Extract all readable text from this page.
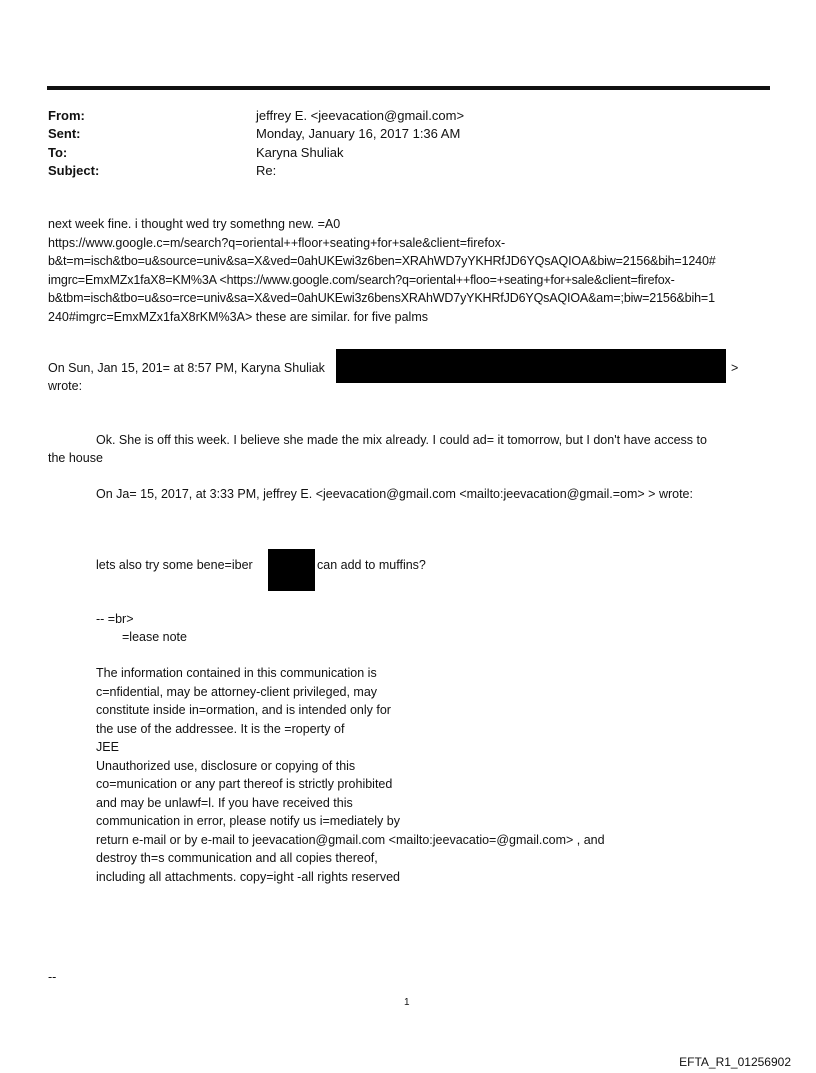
From:	jeffrey E. <jeevacation@gmail.com>
Sent:	Monday, January 16, 2017 1:36 AM
To:	Karyna Shuliak
Subject:	Re:
next week fine. i thought wed try somethng new. =A0
https://www.google.c=m/search?q=oriental++floor+seating+for+sale&client=firefox-
b&t=m=isch&tbo=u&source=univ&sa=X&ved=0ahUKEwi3z6ben=XRAhWD7yYKHRfJD6YQsAQIOA&biw=2156&bih=1240#
imgrc=EmxMZx1faX8=KM%3A <https://www.google.com/search?q=oriental++floo=+seating+for+sale&client=firefox-
b&tbm=isch&tbo=u&so=rce=univ&sa=X&ved=0ahUKEwi3z6bensXRAhWD7yYKHRfJD6YQsAQIOA&am=;biw=2156&bih=1
240#imgrc=EmxMZx1faX8rKM%3A> these are similar. for five palms
On Sun, Jan 15, 201= at 8:57 PM, Karyna Shuliak	>
wrote:
Ok. She is off this week. I believe she made the mix already. I could ad= it tomorrow, but I don't have access to
the house
On Ja= 15, 2017, at 3:33 PM, jeffrey E. <jeevacation@gmail.com <mailto:jeevacation@gmail.=om> > wrote:
lets also try some bene=iber	can add to muffins?
-- =br>
=lease note
The information contained in this communication is
c=nfidential, may be attorney-client privileged, may
constitute inside in=ormation, and is intended only for
the use of the addressee. It is the =roperty of
JEE
Unauthorized use, disclosure or copying of this
co=munication or any part thereof is strictly prohibited
and may be unlawf=l. If you have received this
communication in error, please notify us i=mediately by
return e-mail or by e-mail to jeevacation@gmail.com <mailto:jeevacatio=@gmail.com> , and
destroy th=s communication and all copies thereof,
including all attachments. copy=ight -all rights reserved
--
1
EFTA_R1_01256902
